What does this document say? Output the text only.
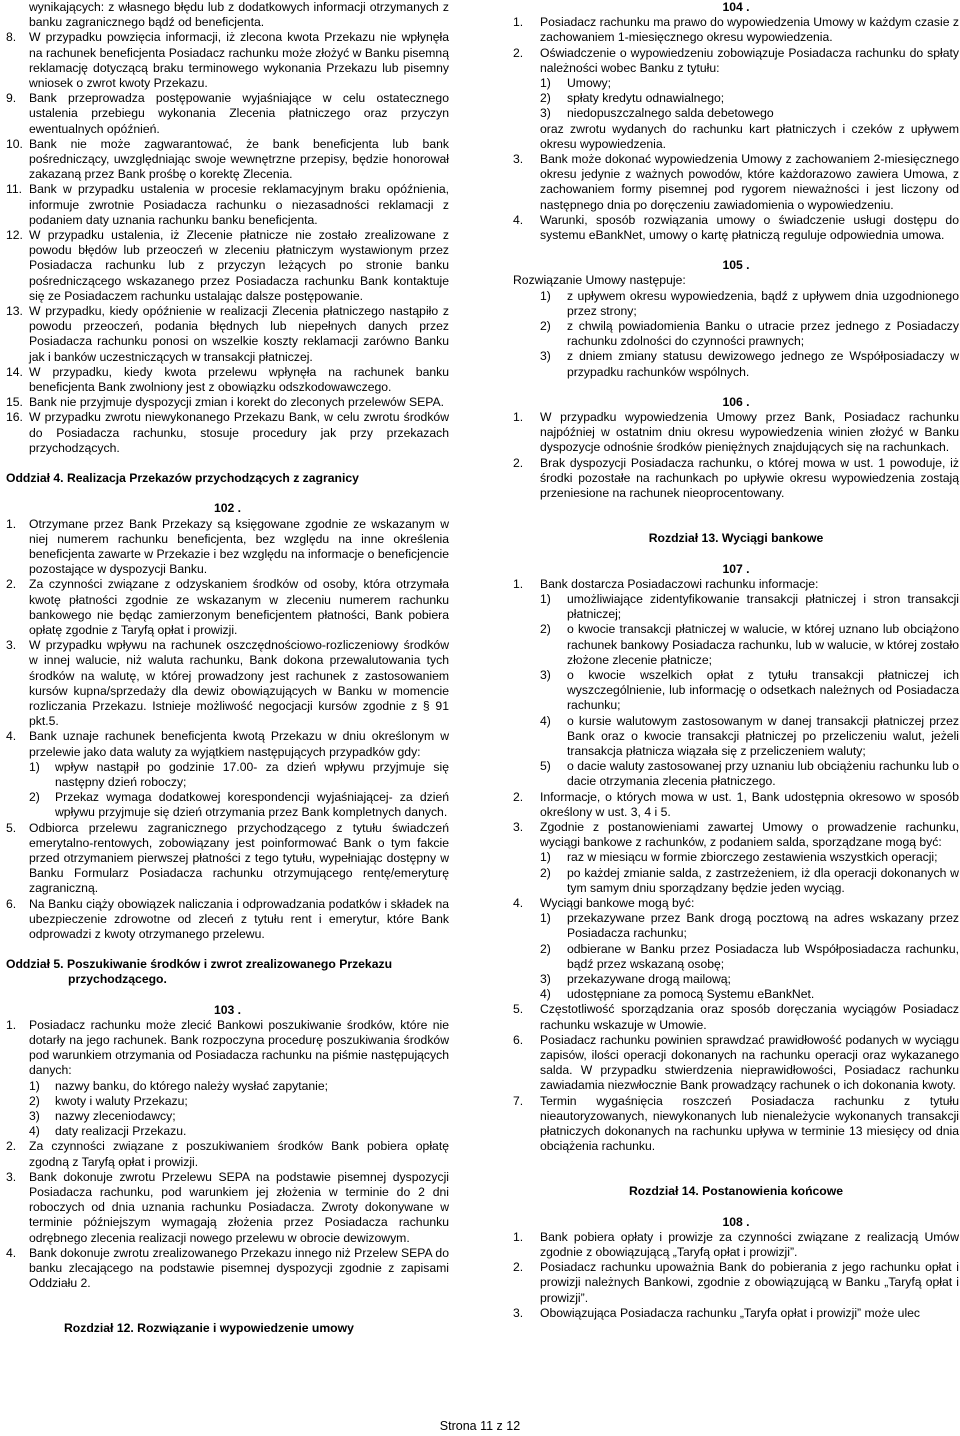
wynikających: z własnego błędu lub z dodatkowych informacji otrzymanych z banku zagranicznego bądź od beneficjenta.

8.	W przypadku powzięcia informacji, iż zlecona kwota Przekazu nie wpłynęła na rachunek beneficjenta Posiadacz rachunku może złożyć w Banku pisemną reklamację dotyczącą braku terminowego wykonania Przekazu lub pisemny wniosek o zwrot kwoty Przekazu.
9.	Bank przeprowadza postępowanie wyjaśniające w celu ostatecznego ustalenia przebiegu wykonania Zlecenia płatniczego oraz przyczyn ewentualnych opóźnień.
10. Bank nie może zagwarantować, że bank beneficjenta lub bank pośredniczący, uwzględniając swoje wewnętrzne przepisy, będzie honorował zakazaną przez Bank prośbę o korektę Zlecenia.
11. Bank w przypadku ustalenia w procesie reklamacyjnym braku opóźnienia, informuje zwrotnie Posiadacza rachunku o niezasadności reklamacji z podaniem daty uznania rachunku banku beneficjenta.
12. W przypadku ustalenia, iż Zlecenie płatnicze nie zostało zrealizowane z powodu błędów lub przeoczeń w zleceniu płatniczym wystawionym przez Posiadacza rachunku lub z przyczyn leżących po stronie banku pośredniczącego wskazanego przez Posiadacza rachunku Bank kontaktuje się ze Posiadaczem rachunku ustalając dalsze postępowanie.
13. W przypadku, kiedy opóźnienie w realizacji Zlecenia płatniczego nastąpiło z powodu przeoczeń, podania błędnych lub niepełnych danych przez Posiadacza rachunku ponosi on wszelkie koszty reklamacji zarówno Banku jak i banków uczestniczących w transakcji płatniczej.
14. W przypadku, kiedy kwota przelewu wpłynęła na rachunek banku beneficjenta Bank zwolniony jest z obowiązku odszkodowawczego.
15. Bank nie przyjmuje dyspozycji zmian i korekt do zleconych przelewów SEPA.
16. W przypadku zwrotu niewykonanego Przekazu Bank, w celu zwrotu środków do Posiadacza rachunku, stosuje procedury jak przy przekazach przychodzących.
Oddział 4. Realizacja Przekazów przychodzących z zagranicy
102 .
1.	Otrzymane przez Bank Przekazy są księgowane zgodnie ze wskazanym w niej numerem rachunku beneficjenta, bez względu na inne określenia beneficjenta zawarte w Przekazie i bez względu na informacje o beneficjencie pozostające w dyspozycji Banku.
2.	Za czynności związane z odzyskaniem środków od osoby, która otrzymała kwotę płatności zgodnie ze wskazanym w zleceniu numerem rachunku bankowego nie będąc zamierzonym beneficjentem płatności, Bank pobiera opłatę zgodnie z Taryfą opłat i prowizji.
3.	W przypadku wpływu na rachunek oszczędnościowo-rozliczeniowy środków w innej walucie, niż waluta rachunku, Bank dokona przewalutowania tych środków na walutę, w której prowadzony jest rachunek z zastosowaniem kursów kupna/sprzedaży dla dewiz obowiązujących w Banku w momencie rozliczania Przekazu. Istnieje możliwość negocjacji kursów zgodnie z § 91 pkt.5.
4.	Bank uznaje rachunek beneficjenta kwotą Przekazu w dniu określonym w przelewie jako data waluty za wyjątkiem następujących przypadków gdy:
1)	wpływ nastąpił po godzinie 17.00- za dzień wpływu przyjmuje się następny dzień roboczy;
2)	Przekaz wymaga dodatkowej korespondencji wyjaśniającej- za dzień wpływu przyjmuje się dzień otrzymania przez Bank kompletnych danych.
5.	Odbiorca przelewu zagranicznego przychodzącego z tytułu świadczeń emerytalno-rentowych, zobowiązany jest poinformować Bank o tym fakcie przed otrzymaniem pierwszej płatności z tego tytułu, wypełniając dostępny w Banku Formularz Posiadacza rachunku otrzymującego rentę/emeryturę zagraniczną.
6.	Na Banku ciąży obowiązek naliczania i odprowadzania podatków i składek na ubezpieczenie zdrowotne od zleceń z tytułu rent i emerytur, które Bank odprowadzi z kwoty otrzymanego przelewu.
Oddział 5. Poszukiwanie środków i zwrot zrealizowanego Przekazu
przychodzącego.
103 .
1.	Posiadacz rachunku może zlecić Bankowi poszukiwanie środków, które nie dotarły na jego rachunek. Bank rozpoczyna procedurę poszukiwania środków pod warunkiem otrzymania od Posiadacza rachunku na piśmie następujących danych:
1)	nazwy banku, do którego należy wysłać zapytanie;
2)	kwoty i waluty Przekazu;
3)	nazwy zleceniodawcy;
4)	daty realizacji Przekazu.
2.	Za czynności związane z poszukiwaniem środków Bank pobiera opłatę zgodną z Taryfą opłat i prowizji.
3.	Bank dokonuje zwrotu Przelewu SEPA na podstawie pisemnej dyspozycji Posiadacza rachunku, pod warunkiem jej złożenia w terminie do 2 dni roboczych od dnia uznania rachunku Posiadacza. Zwroty dokonywane w terminie późniejszym wymagają złożenia przez Posiadacza rachunku odrębnego zlecenia realizacji nowego przelewu w obrocie dewizowym.
4.	Bank dokonuje zwrotu zrealizowanego Przekazu innego niż Przelew SEPA do banku zlecającego na podstawie pisemnej dyspozycji zgodnie z zapisami Oddziału 2.
Rozdział 12. Rozwiązanie i wypowiedzenie umowy
104 .
1.	Posiadacz rachunku ma prawo do wypowiedzenia Umowy w każdym czasie z zachowaniem 1-miesięcznego okresu wypowiedzenia.
2.	Oświadczenie o wypowiedzeniu zobowiązuje Posiadacza rachunku do spłaty należności wobec Banku z tytułu:
1)	Umowy;
2)	spłaty kredytu odnawialnego;
3)	niedopuszczalnego salda debetowego

oraz zwrotu wydanych do rachunku kart płatniczych i czeków z upływem okresu wypowiedzenia.

3.	Bank może dokonać wypowiedzenia Umowy z zachowaniem 2-miesięcznego okresu jedynie z ważnych powodów, które każdorazowo zawiera Umowa, z zachowaniem formy pisemnej pod rygorem nieważności i jest liczony od następnego dnia po doręczeniu zawiadomienia o wypowiedzeniu.
4.	Warunki, sposób rozwiązania umowy o świadczenie usługi dostępu do systemu eBankNet, umowy o kartę płatniczą reguluje odpowiednia umowa.
105 .

Rozwiązanie Umowy następuje:

1)	z upływem okresu wypowiedzenia, bądź z upływem dnia uzgodnionego przez strony;
2)	z chwilą powiadomienia Banku o utracie przez jednego z Posiadaczy rachunku zdolności do czynności prawnych;
3)	z dniem zmiany statusu dewizowego jednego ze Współposiadaczy w przypadku rachunków wspólnych.
106 .
1.	W przypadku wypowiedzenia Umowy przez Bank, Posiadacz rachunku najpóźniej w ostatnim dniu okresu wypowiedzenia winien złożyć w Banku dyspozycje odnośnie środków pieniężnych znajdujących się na rachunkach.
2.	Brak dyspozycji Posiadacza rachunku, o której mowa w ust. 1 powoduje, iż środki pozostałe na rachunkach po upływie okresu wypowiedzenia zostają przeniesione na rachunek nieoprocentowany.
Rozdział 13. Wyciągi bankowe
107 .
1.	Bank dostarcza Posiadaczowi rachunku informacje:
1)	umożliwiające zidentyfikowanie transakcji płatniczej i stron transakcji płatniczej;
2)	o kwocie transakcji płatniczej w walucie, w której uznano lub obciążono rachunek bankowy Posiadacza rachunku, lub w walucie, w której zostało złożone zlecenie płatnicze;
3)	o kwocie wszelkich opłat z tytułu transakcji płatniczej ich wyszczególnienie, lub informację o odsetkach należnych od Posiadacza rachunku;
4)	o kursie walutowym zastosowanym w danej transakcji płatniczej przez Bank oraz o kwocie transakcji płatniczej po przeliczeniu walut, jeżeli transakcja płatnicza wiązała się z przeliczeniem waluty;
5)	o dacie waluty zastosowanej przy uznaniu lub obciążeniu rachunku lub o dacie otrzymania zlecenia płatniczego.
2.	Informacje, o których mowa w ust. 1, Bank udostępnia okresowo w sposób określony w ust. 3, 4 i 5.
3.	Zgodnie z postanowieniami zawartej Umowy o prowadzenie rachunku, wyciągi bankowe z rachunków, z podaniem salda, sporządzane mogą być:
1)	raz w miesiącu w formie zbiorczego zestawienia wszystkich operacji;
2)	po każdej zmianie salda, z zastrzeżeniem, iż dla operacji dokonanych w tym samym dniu sporządzany będzie jeden wyciąg.
4.	Wyciągi bankowe mogą być:
1)	przekazywane przez Bank drogą pocztową na adres wskazany przez Posiadacza rachunku;
2)	odbierane w Banku przez Posiadacza lub Współposiadacza rachunku, bądź przez wskazaną osobę;
3)	przekazywane drogą mailową;
4)	udostępniane za pomocą Systemu eBankNet.
5.	Częstotliwość sporządzania oraz sposób doręczania wyciągów Posiadacz rachunku wskazuje w Umowie.
6.	Posiadacz rachunku powinien sprawdzać prawidłowość podanych w wyciągu zapisów, ilości operacji dokonanych na rachunku operacji oraz wykazanego salda. W przypadku stwierdzenia nieprawidłowości, Posiadacz rachunku zawiadamia niezwłocznie Bank prowadzący rachunek o ich dokonania kwoty.
7.	Termin wygaśnięcia roszczeń Posiadacza rachunku z tytułu nieautoryzowanych, niewykonanych lub nienależycie wykonanych transakcji płatniczych dokonanych na rachunku upływa w terminie 13 miesięcy od dnia obciążenia rachunku.
Rozdział 14. Postanowienia końcowe
108 .
1.	Bank pobiera opłaty i prowizje za czynności związane z realizacją Umów zgodnie z obowiązującą „Taryfą opłat i prowizji”.
2.	Posiadacz rachunku upoważnia Bank do pobierania z jego rachunku opłat i prowizji należnych Bankowi, zgodnie z obowiązującą w Banku „Taryfą opłat i prowizji”.
3.	Obowiązująca Posiadacza rachunku „Taryfa opłat i prowizji” może ulec
Strona 11 z 12
